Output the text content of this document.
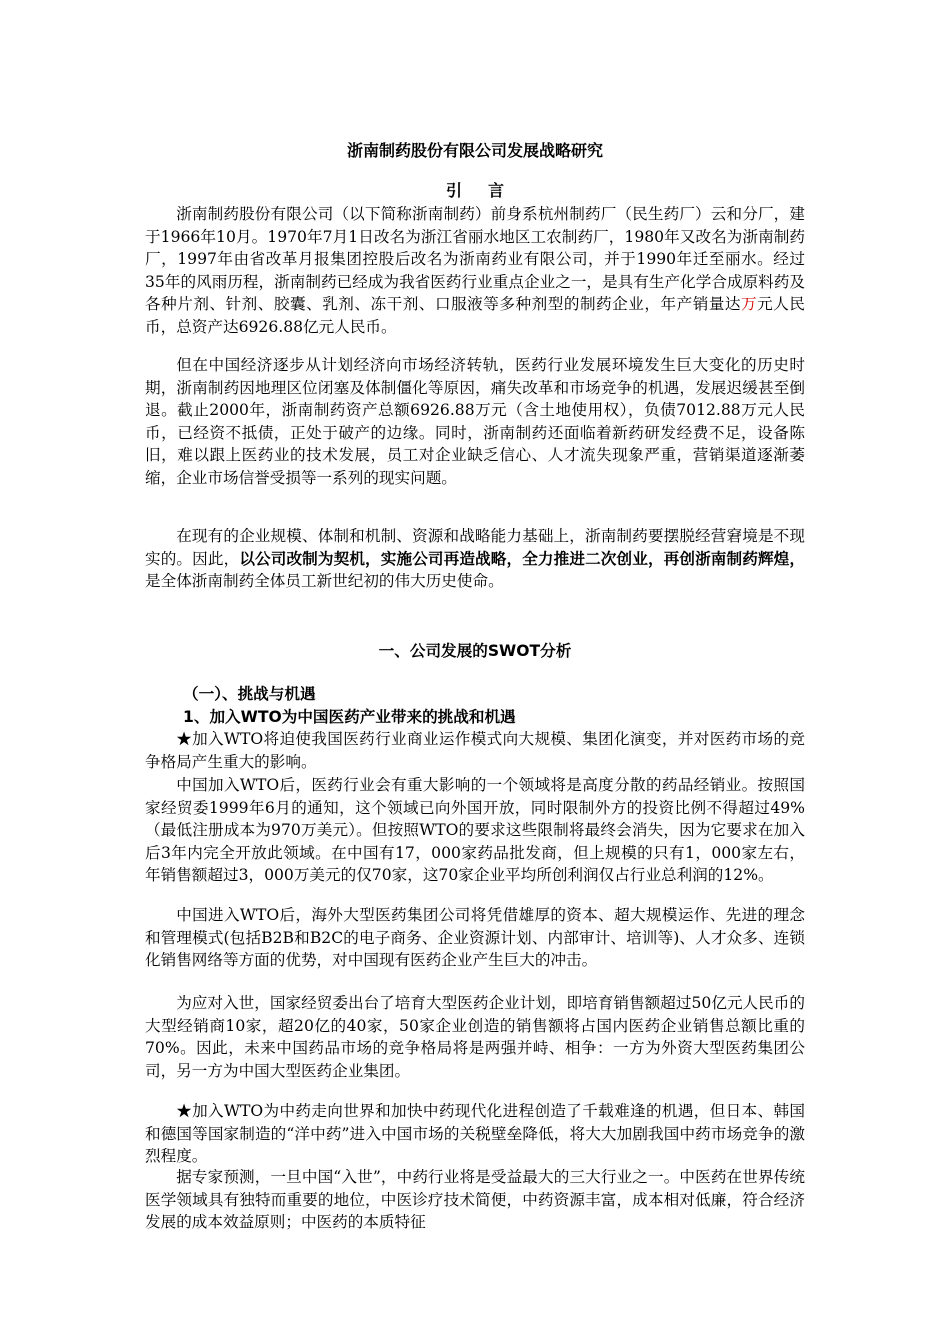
浙南制药股份有限公司发展战略研究
引言

浙南制药股份有限公司（以下简称浙南制药）前身系杭州制药厂（民生药厂）云和分厂，建于1966年10月。1970年7月1日改名为浙江省丽水地区工农制药厂，1980年又改名为浙南制药厂，1997年由省改革月报集团控股后改名为浙南药业有限公司，并于1990年迁至丽水。经过35年的风雨历程，浙南制药已经成为我省医药行业重点企业之一，是具有生产化学合成原料药及各种片剂、针剂、胶囊、乳剂、冻干剂、口服液等多种剂型的制药企业，年产销量达万元人民币，总资产达6926.88亿元人民币。

但在中国经济逐步从计划经济向市场经济转轨，医药行业发展环境发生巨大变化的历史时期，浙南制药因地理区位闭塞及体制僵化等原因，痛失改革和市场竞争的机遇，发展迟缓甚至倒退。截止2000年，浙南制药资产总额6926.88万元（含土地使用权），负债7012.88万元人民币，已经资不抵债，正处于破产的边缘。同时，浙南制药还面临着新药研发经费不足，设备陈旧，难以跟上医药业的技术发展，员工对企业缺乏信心、人才流失现象严重，营销渠道逐渐萎缩，企业市场信誉受损等一系列的现实问题。

在现有的企业规模、体制和机制、资源和战略能力基础上，浙南制药要摆脱经营窘境是不现实的。因此，以公司改制为契机，实施公司再造战略，全力推进二次创业，再创浙南制药辉煌，是全体浙南制药全体员工新世纪初的伟大历史使命。

一、公司发展的SWOT分析
（一）、挑战与机遇
1、加入WTO为中国医药产业带来的挑战和机遇

★加入WTO将迫使我国医药行业商业运作模式向大规模、集团化演变，并对医药市场的竞争格局产生重大的影响。

中国加入WTO后，医药行业会有重大影响的一个领域将是高度分散的药品经销业。按照国家经贸委1999年6月的通知，这个领域已向外国开放，同时限制外方的投资比例不得超过49%（最低注册成本为970万美元）。但按照WTO的要求这些限制将最终会消失，因为它要求在加入后3年内完全开放此领域。在中国有17，000家药品批发商，但上规模的只有1，000家左右，年销售额超过3，000万美元的仅70家，这70家企业平均所创利润仅占行业总利润的12%。

中国进入WTO后，海外大型医药集团公司将凭借雄厚的资本、超大规模运作、先进的理念和管理模式(包括B2B和B2C的电子商务、企业资源计划、内部审计、培训等)、人才众多、连锁化销售网络等方面的优势，对中国现有医药企业产生巨大的冲击。

为应对入世，国家经贸委出台了培育大型医药企业计划，即培育销售额超过50亿元人民币的大型经销商10家，超20亿的40家，50家企业创造的销售额将占国内医药企业销售总额比重的70%。因此，未来中国药品市场的竞争格局将是两强并峙、相争：一方为外资大型医药集团公司，另一方为中国大型医药企业集团。

★加入WTO为中药走向世界和加快中药现代化进程创造了千载难逢的机遇，但日本、韩国和德国等国家制造的“洋中药”进入中国市场的关税壁垒降低，将大大加剧我国中药市场竞争的激烈程度。

据专家预测，一旦中国“入世”，中药行业将是受益最大的三大行业之一。中医药在世界传统医学领域具有独特而重要的地位，中医诊疗技术简便，中药资源丰富，成本相对低廉，符合经济发展的成本效益原则；中医药的本质特征
